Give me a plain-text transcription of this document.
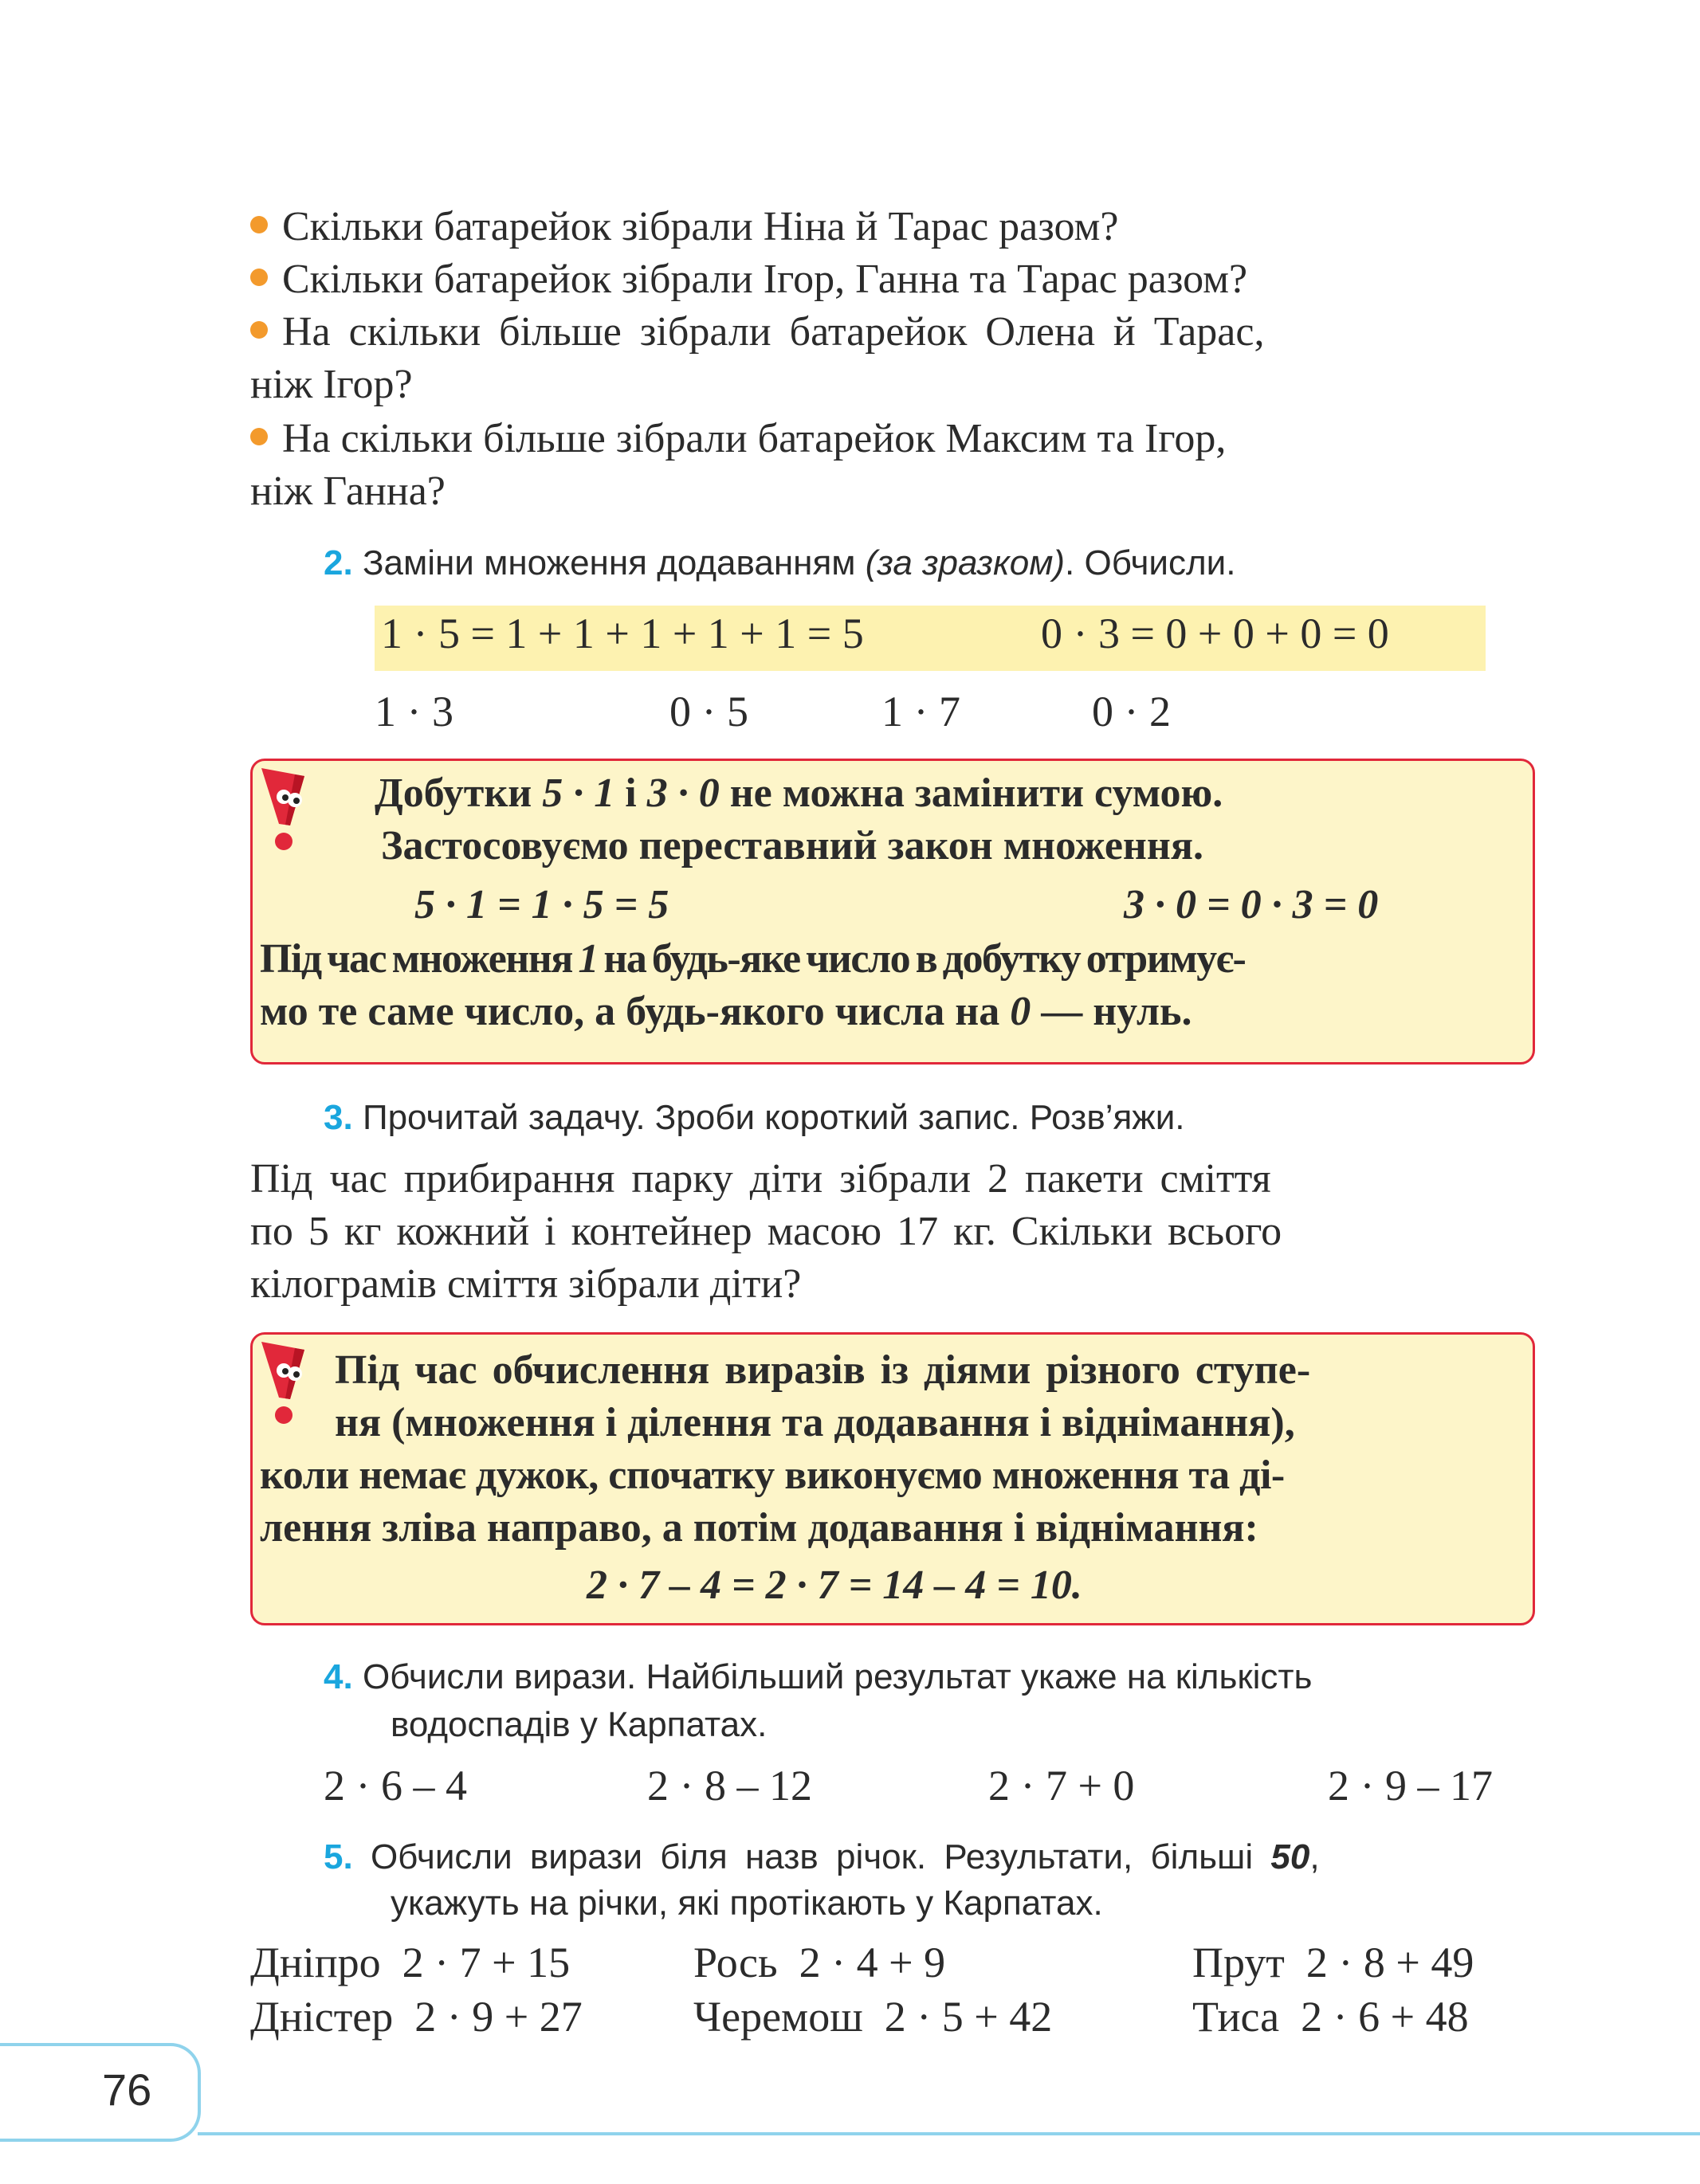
Скільки батарейок зібрали Ніна й Тарас разом?
Скільки батарейок зібрали Ігор, Ганна та Тарас разом?
На скільки більше зібрали батарейок Олена й Тарас,
ніж Ігор?
На скільки більше зібрали батарейок Максим та Ігор,
ніж Ганна?
2. Заміни множення додаванням (за зразком). Обчисли.
1 · 5 = 1 + 1 + 1 + 1 + 1 = 5	0 · 3 = 0 + 0 + 0 = 0
1 · 3	0 · 5	1 · 7	0 · 2
Добутки 5 · 1 і 3 · 0 не можна замінити сумою.
Застосовуємо переставний закон множення.
5 · 1 = 1 · 5 = 5	3 · 0 = 0 · 3 = 0
Під час множення 1 на будь-яке число в добутку отримує-
мо те саме число, а будь-якого числа на 0 — нуль.
3. Прочитай задачу. Зроби короткий запис. Розв’яжи.
Під час прибирання парку діти зібрали 2 пакети сміття
по 5 кг кожний і контейнер масою 17 кг. Скільки всього
кілограмів сміття зібрали діти?
Під час обчислення виразів із діями різного ступе-
ня (множення і ділення та додавання і віднімання),
коли немає дужок, спочатку виконуємо множення та ді-
лення зліва направо, а потім додавання і віднімання:
2 · 7 – 4 = 2 · 7 = 14 – 4 = 10.
4. Обчисли вирази. Найбільший результат укаже на кількість
водоспадів у Карпатах.
2 · 6 – 4	2 · 8 – 12	2 · 7 + 0	2 · 9 – 17
5. Обчисли вирази біля назв річок. Результати, більші 50,
укажуть на річки, які протікають у Карпатах.
Дніпро 2 · 7 + 15	Рось 2 · 4 + 9	Прут 2 · 8 + 49
Дністер 2 · 9 + 27	Черемош 2 · 5 + 42	Тиса 2 · 6 + 48
76
